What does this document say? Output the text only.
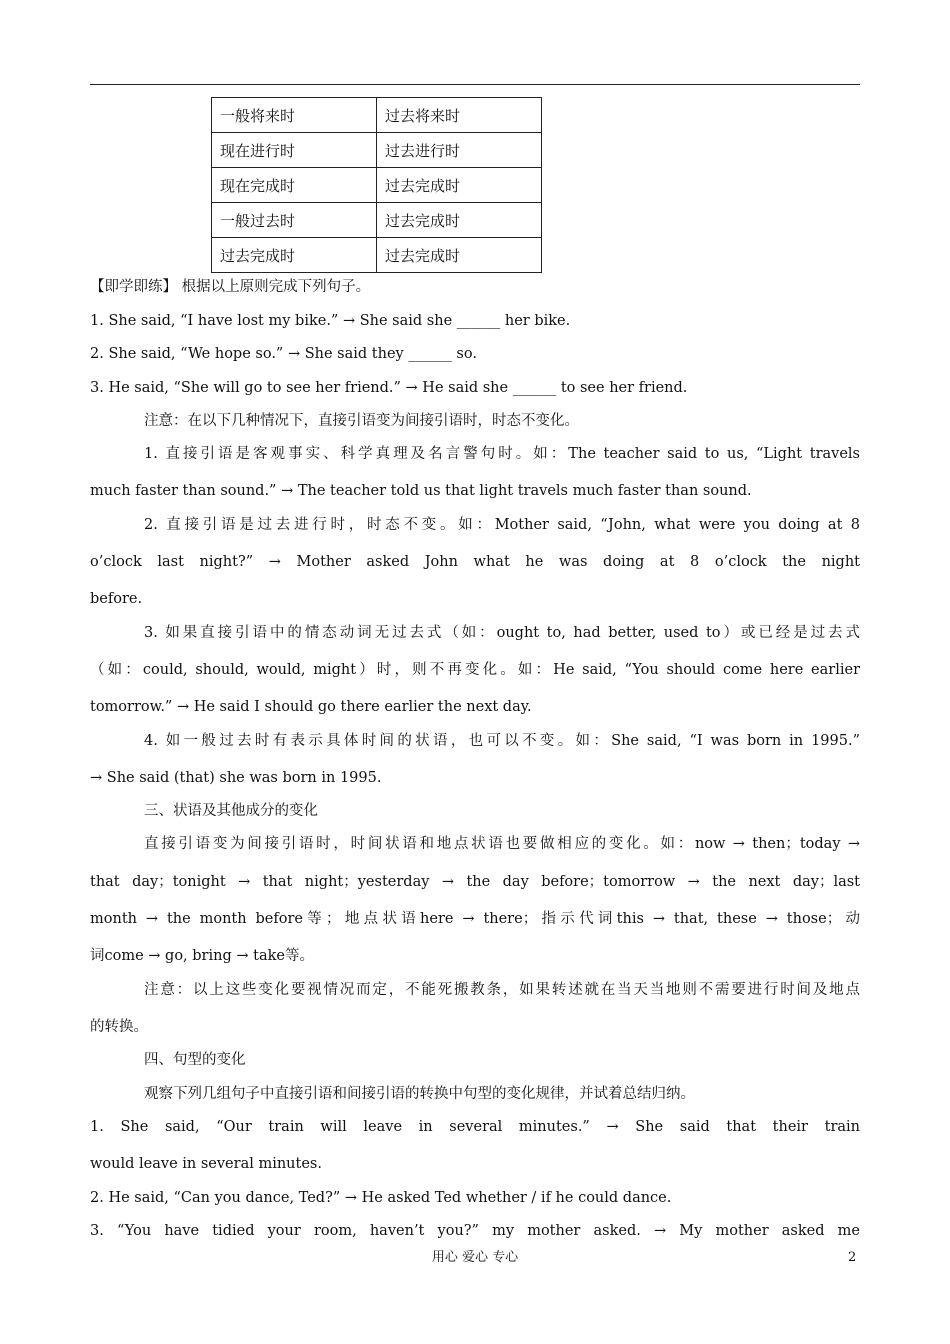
一般将来时	过去将来时
现在进行时	过去进行时
现在完成时	过去完成时
一般过去时	过去完成时
过去完成时	过去完成时
【即学即练】 根据以上原则完成下列句子。
1. She said, “I have lost my bike.” → She said she ______ her bike.
2. She said, “We hope so.” → She said they ______ so.
3. He said, “She will go to see her friend.” → He said she ______ to see her friend.
注意：在以下几种情况下，直接引语变为间接引语时，时态不变化。
1. 直接引语是客观事实、科学真理及名言警句时。如：The teacher said to us, “Light travels
much faster than sound.” → The teacher told us that light travels much faster than sound.
2. 直接引语是过去进行时，时态不变。如：Mother said, “John, what were you doing at 8
o’clock last night?” → Mother asked John what he was doing at 8 o’clock the night
before.
3. 如果直接引语中的情态动词无过去式（如：ought to, had better, used to）或已经是过去式
（如：could, should, would, might）时，则不再变化。如：He said, “You should come here earlier
tomorrow.” → He said I should go there earlier the next day.
4. 如一般过去时有表示具体时间的状语，也可以不变。如：She said, “I was born in 1995.”
→ She said (that) she was born in 1995.
三、状语及其他成分的变化
直接引语变为间接引语时，时间状语和地点状语也要做相应的变化。如：now → then；today →
that day；tonight → that night；yesterday → the day before；tomorrow → the next day；last
month → the month before等；地点状语here → there；指示代词this → that, these → those；动
词come → go, bring → take等。
注意：以上这些变化要视情况而定，不能死搬教条，如果转述就在当天当地则不需要进行时间及地点
的转换。
四、句型的变化
观察下列几组句子中直接引语和间接引语的转换中句型的变化规律，并试着总结归纳。
1. She said, “Our train will leave in several minutes.” → She said that their train
would leave in several minutes.
2. He said, “Can you dance, Ted?” → He asked Ted whether / if he could dance.
3. “You have tidied your room, haven’t you?” my mother asked. → My mother asked me
用心 爱心 专心	2
